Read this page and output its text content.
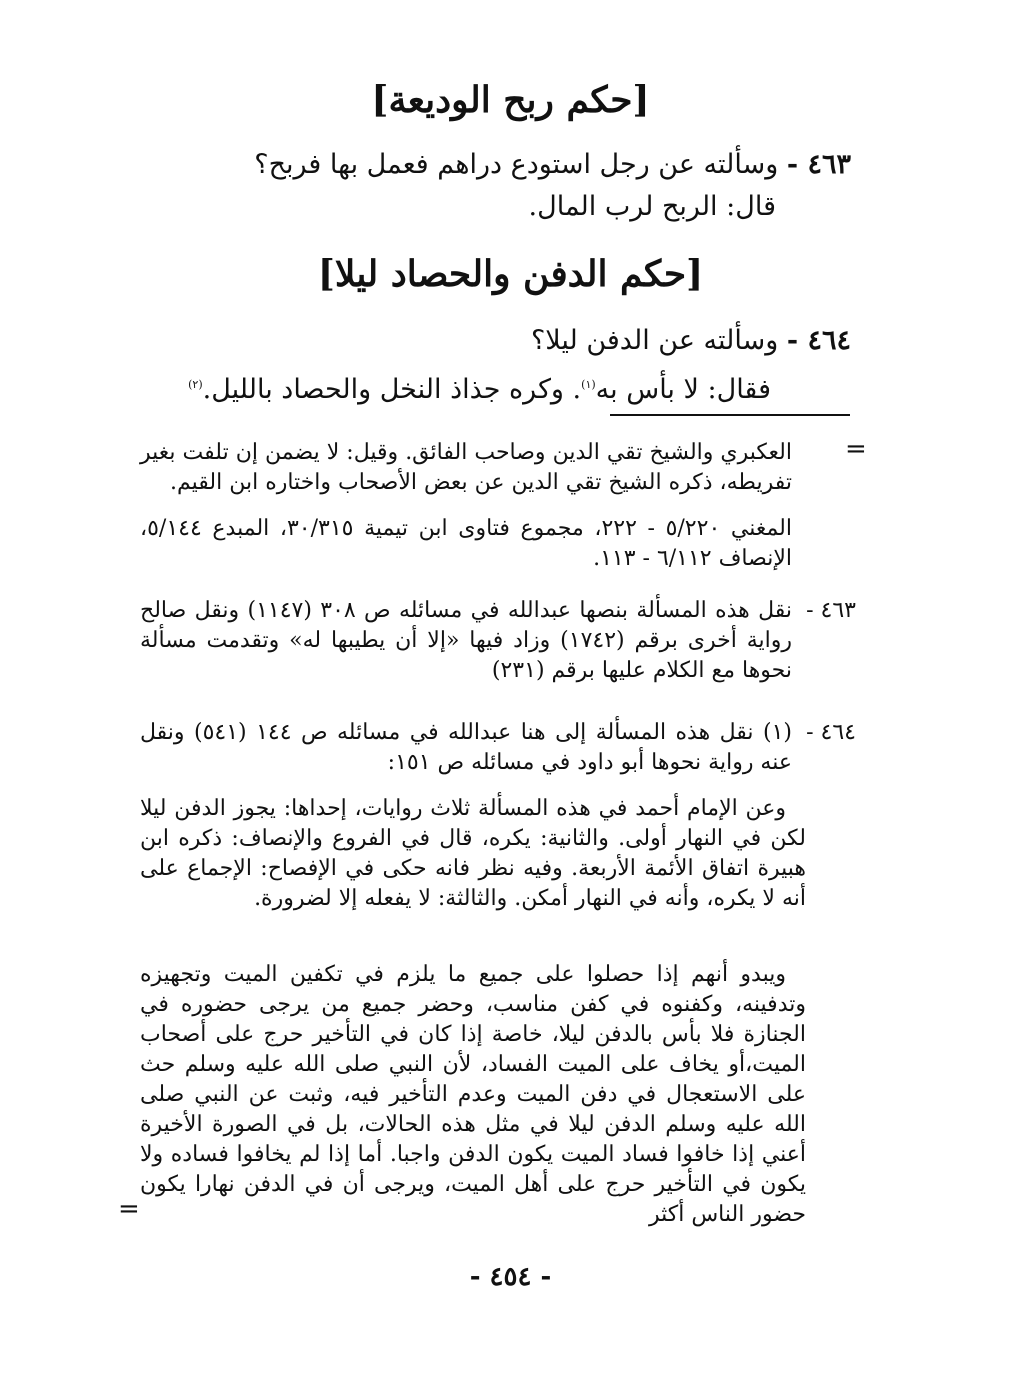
[حكم ربح الوديعة]
٤٦٣ - وسألته عن رجل استودع دراهم فعمل بها فربح؟
قال: الربح لرب المال.
[حكم الدفن والحصاد ليلا]
٤٦٤ - وسألته عن الدفن ليلا؟
فقال: لا بأس به$^{(١)}$. وكره جذاذ النخل والحصاد بالليل.$^{(٢)}$
=
العكبري والشيخ تقي الدين وصاحب الفائق. وقيل: لا يضمن إن تلفت بغير تفريطه، ذكره الشيخ تقي الدين عن بعض الأصحاب واختاره ابن القيم.
المغني ٥/٢٢٠ - ٢٢٢، مجموع فتاوى ابن تيمية ٣٠/٣١٥، المبدع ٥/١٤٤، الإنصاف ٦/١١٢ - ١١٣.
٤٦٣ -
نقل هذه المسألة بنصها عبدالله في مسائله ص ٣٠٨ (١١٤٧) ونقل صالح رواية أخرى برقم (١٧٤٢) وزاد فيها «إلا أن يطيبها له» وتقدمت مسألة نحوها مع الكلام عليها برقم (٢٣١)
٤٦٤ -
(١) نقل هذه المسألة إلى هنا عبدالله في مسائله ص ١٤٤ (٥٤١) ونقل عنه رواية نحوها أبو داود في مسائله ص ١٥١:
وعن الإمام أحمد في هذه المسألة ثلاث روايات، إحداها: يجوز الدفن ليلا لكن في النهار أولى. والثانية: يكره، قال في الفروع والإنصاف: ذكره ابن هبيرة اتفاق الأئمة الأربعة. وفيه نظر فانه حكى في الإفصاح: الإجماع على أنه لا يكره، وأنه في النهار أمكن. والثالثة: لا يفعله إلا لضرورة.
ويبدو أنهم إذا حصلوا على جميع ما يلزم في تكفين الميت وتجهيزه وتدفينه، وكفنوه في كفن مناسب، وحضر جميع من يرجى حضوره في الجنازة فلا بأس بالدفن ليلا، خاصة إذا كان في التأخير حرج على أصحاب الميت،أو يخاف على الميت الفساد، لأن النبي صلى الله عليه وسلم حث على الاستعجال في دفن الميت وعدم التأخير فيه، وثبت عن النبي صلى الله عليه وسلم الدفن ليلا في مثل هذه الحالات، بل في الصورة الأخيرة أعني إذا خافوا فساد الميت يكون الدفن واجبا. أما إذا لم يخافوا فساده ولا يكون في التأخير حرج على أهل الميت، ويرجى أن في الدفن نهارا يكون حضور الناس أكثر
=
- ٤٥٤ -
